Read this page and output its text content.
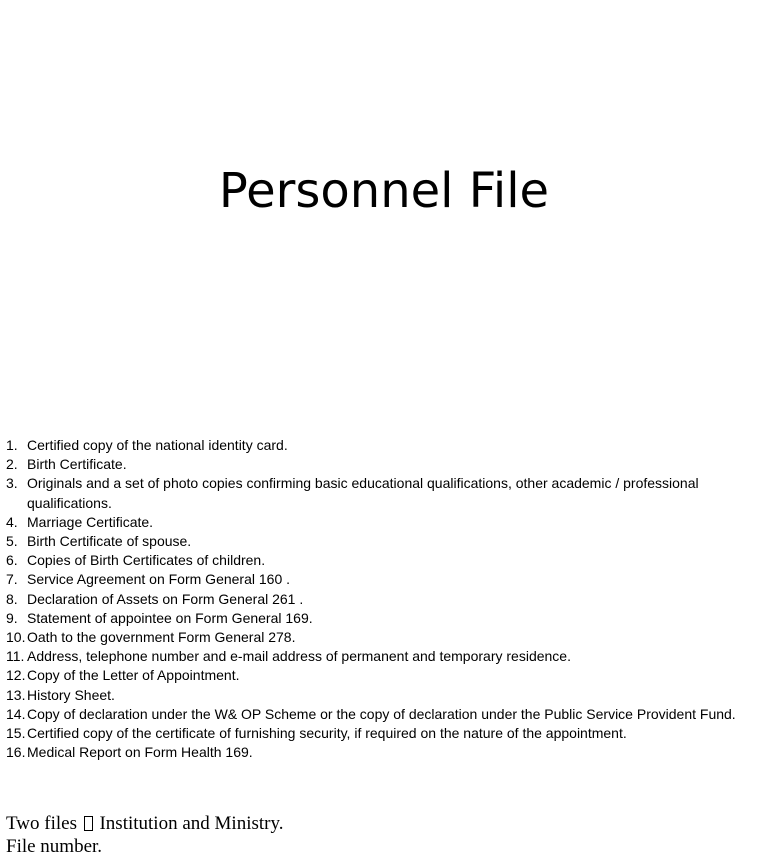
Personnel File
1. Certified copy of the national identity card.
2. Birth Certificate.
3. Originals and a set of photo copies confirming basic educational qualifications, other academic / professional qualifications.
4. Marriage Certificate.
5. Birth Certificate of spouse.
6. Copies of Birth Certificates of children.
7. Service Agreement on Form General 160 .
8. Declaration of Assets on Form General 261 .
9. Statement of appointee on Form General 169.
10. Oath to the government Form General 278.
11. Address, telephone number and e-mail address of permanent and temporary residence.
12. Copy of the Letter of Appointment.
13. History Sheet.
14. Copy of declaration under the W& OP Scheme or the copy of declaration under the Public Service Provident Fund.
15. Certified copy of the certificate of furnishing security, if required on the nature of the appointment.
16. Medical Report on Form Health 169.
Two files Institution and Ministry.
File number.
